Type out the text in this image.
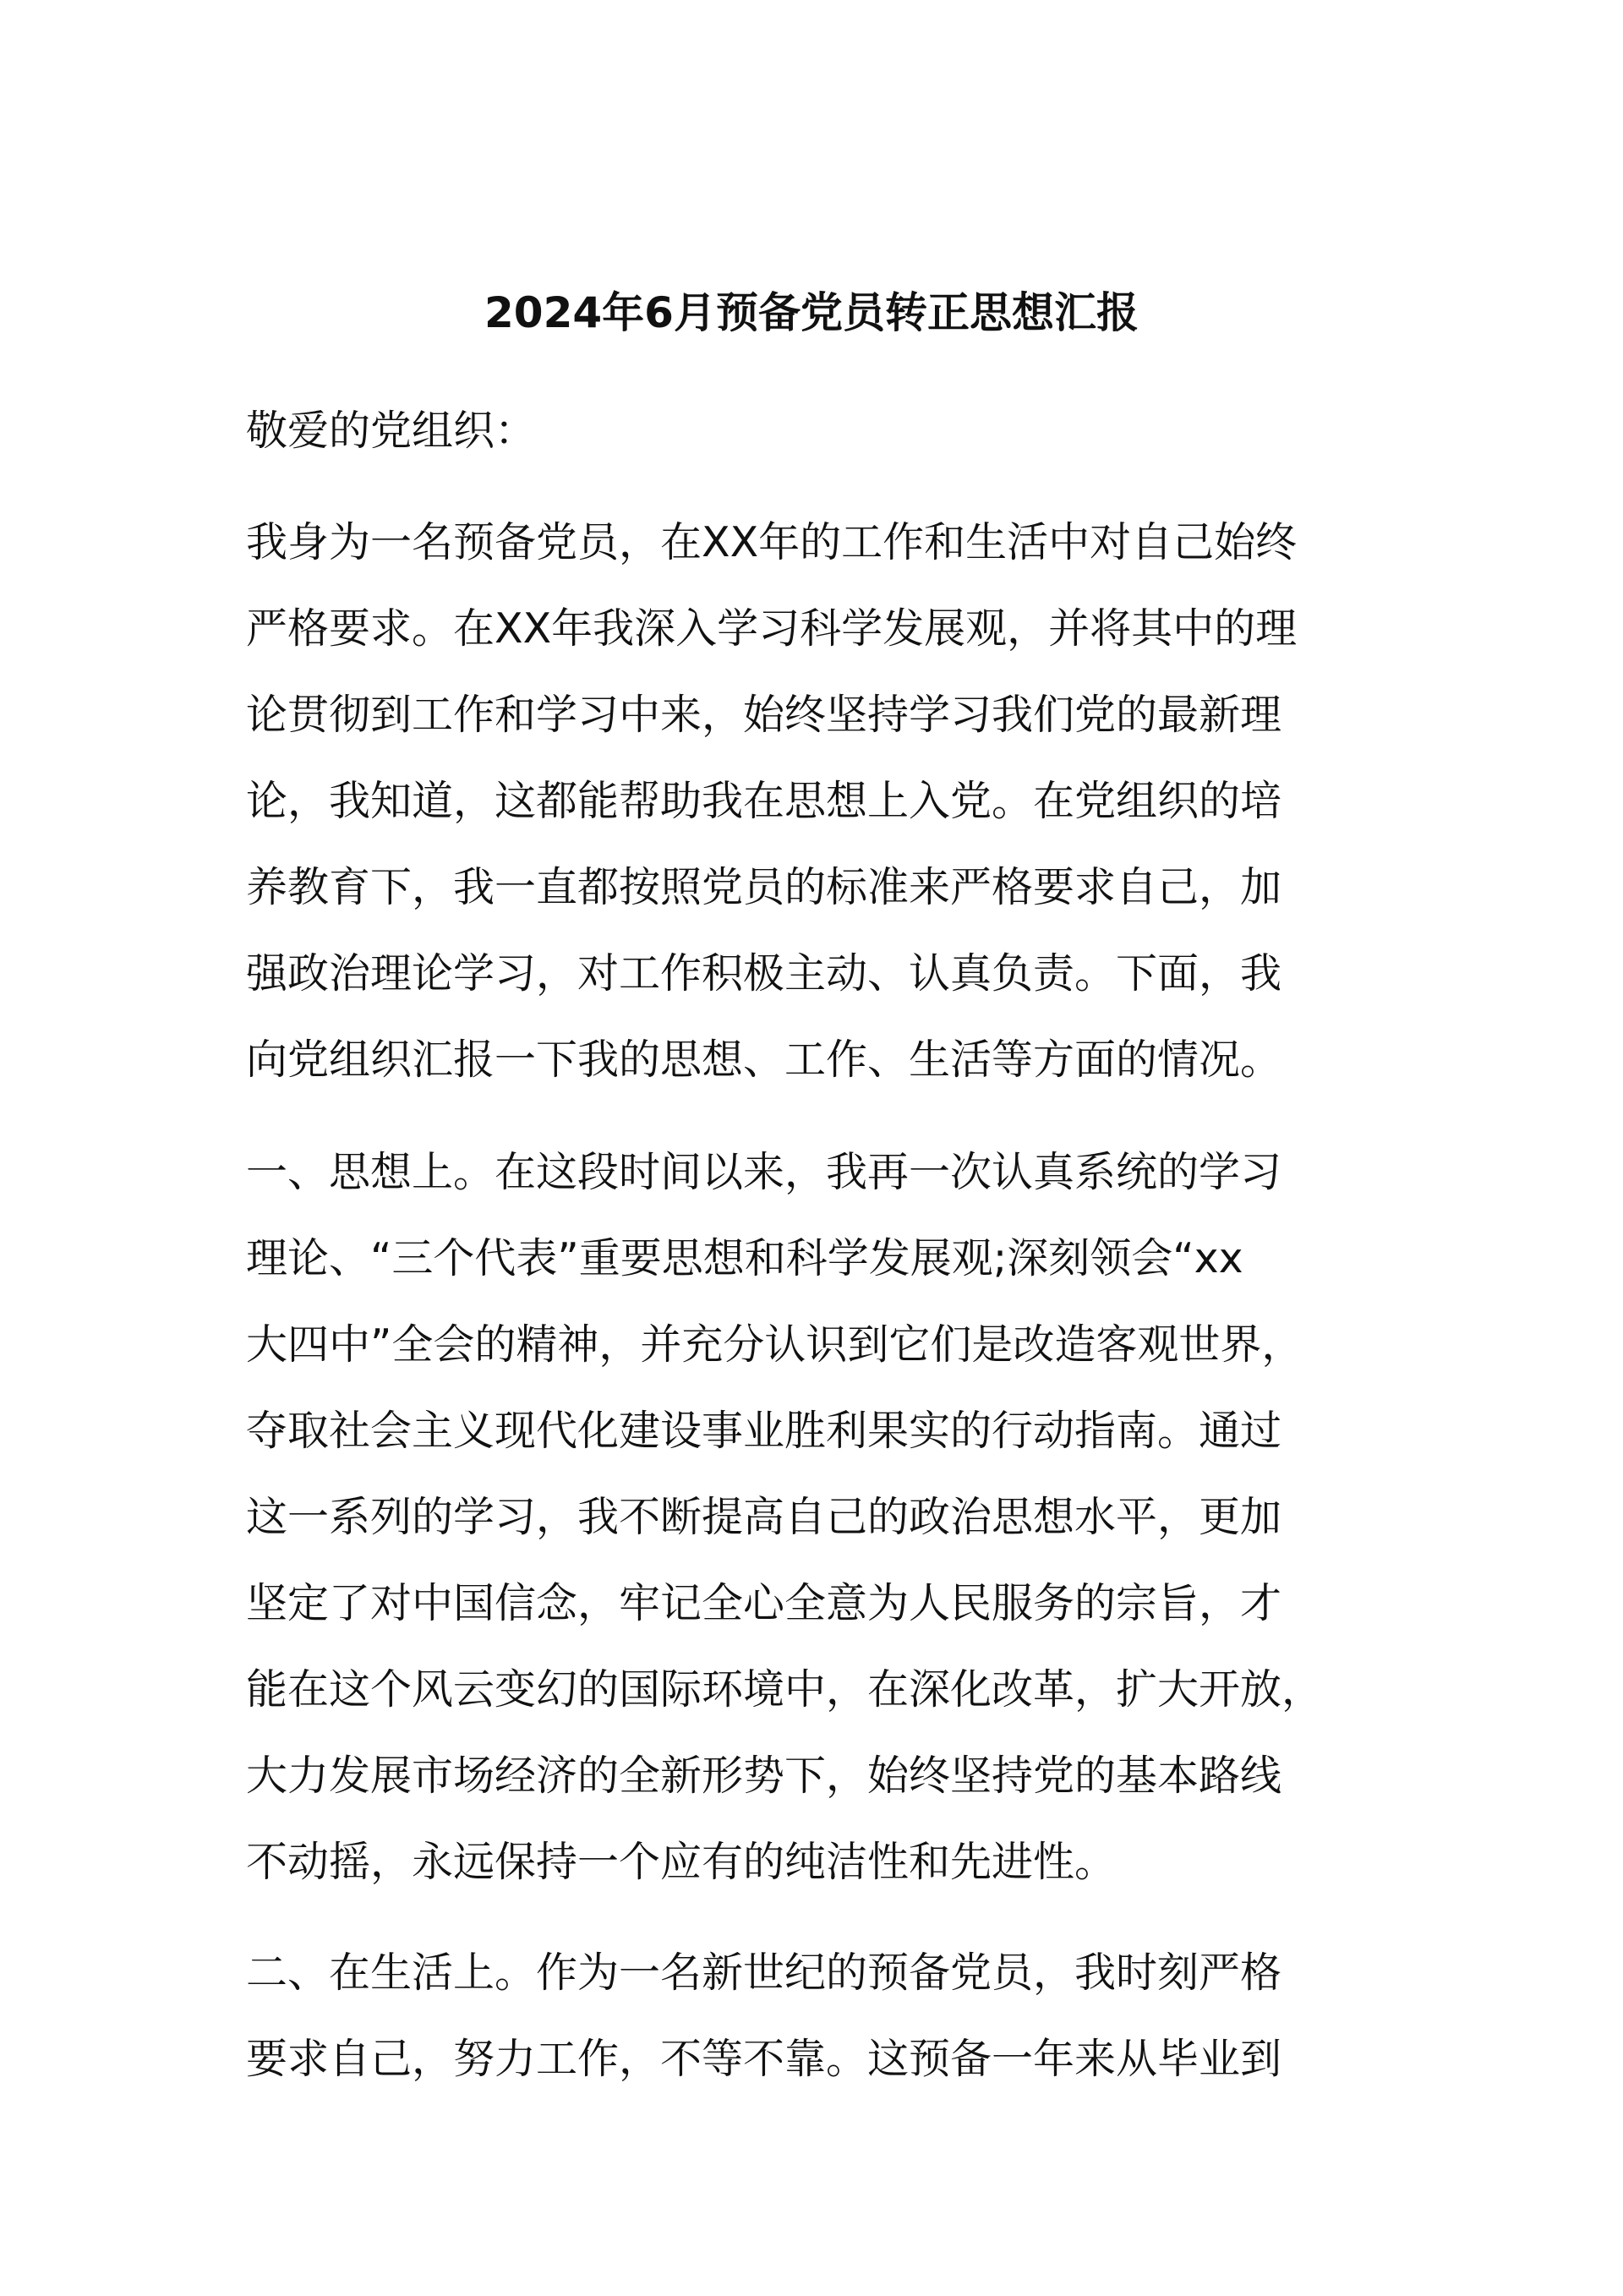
2024年6月预备党员转正思想汇报

敬爱的党组织：

我身为一名预备党员，在XX年的工作和生活中对自己始终
严格要求。在XX年我深入学习科学发展观，并将其中的理
论贯彻到工作和学习中来，始终坚持学习我们党的最新理
论，我知道，这都能帮助我在思想上入党。在党组织的培
养教育下，我一直都按照党员的标准来严格要求自己，加
强政治理论学习，对工作积极主动、认真负责。下面，我
向党组织汇报一下我的思想、工作、生活等方面的情况。
一、思想上。在这段时间以来，我再一次认真系统的学习
理论、“三个代表”重要思想和科学发展观;深刻领会“xx
大四中”全会的精神，并充分认识到它们是改造客观世界，
夺取社会主义现代化建设事业胜利果实的行动指南。通过
这一系列的学习，我不断提高自己的政治思想水平，更加
坚定了对中国信念，牢记全心全意为人民服务的宗旨，才
能在这个风云变幻的国际环境中，在深化改革，扩大开放，
大力发展市场经济的全新形势下，始终坚持党的基本路线
不动摇，永远保持一个应有的纯洁性和先进性。
二、在生活上。作为一名新世纪的预备党员，我时刻严格
要求自己，努力工作，不等不靠。这预备一年来从毕业到
